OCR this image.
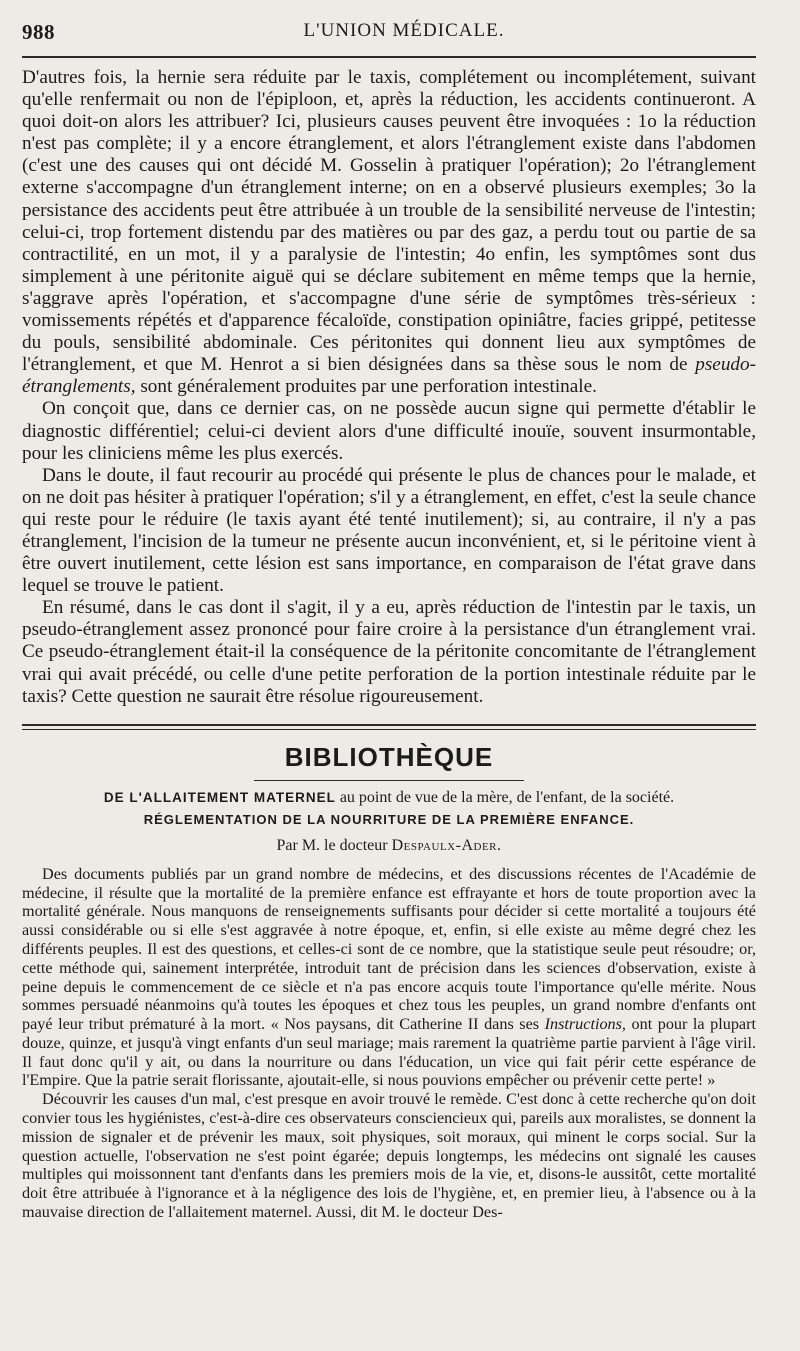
988	L'UNION MÉDICALE.

D'autres fois, la hernie sera réduite par le taxis, complétement ou incomplétement, suivant qu'elle renfermait ou non de l'épiploon, et, après la réduction, les accidents continueront. A quoi doit-on alors les attribuer? Ici, plusieurs causes peuvent être invoquées : 1o la réduction n'est pas complète; il y a encore étranglement, et alors l'étranglement existe dans l'abdomen (c'est une des causes qui ont décidé M. Gosselin à pratiquer l'opération); 2o l'étranglement externe s'accompagne d'un étranglement interne; on en a observé plusieurs exemples; 3o la persistance des accidents peut être attribuée à un trouble de la sensibilité nerveuse de l'intestin; celui-ci, trop fortement distendu par des matières ou par des gaz, a perdu tout ou partie de sa contractilité, en un mot, il y a paralysie de l'intestin; 4o enfin, les symptômes sont dus simplement à une péritonite aiguë qui se déclare subitement en même temps que la hernie, s'aggrave après l'opération, et s'accompagne d'une série de symptômes très-sérieux : vomissements répétés et d'apparence fécaloïde, constipation opiniâtre, facies grippé, petitesse du pouls, sensibilité abdominale. Ces péritonites qui donnent lieu aux symptômes de l'étranglement, et que M. Henrot a si bien désignées dans sa thèse sous le nom de pseudo-étranglements, sont généralement produites par une perforation intestinale.

On conçoit que, dans ce dernier cas, on ne possède aucun signe qui permette d'établir le diagnostic différentiel; celui-ci devient alors d'une difficulté inouïe, souvent insurmontable, pour les cliniciens même les plus exercés.

Dans le doute, il faut recourir au procédé qui présente le plus de chances pour le malade, et on ne doit pas hésiter à pratiquer l'opération; s'il y a étranglement, en effet, c'est la seule chance qui reste pour le réduire (le taxis ayant été tenté inutilement); si, au contraire, il n'y a pas étranglement, l'incision de la tumeur ne présente aucun inconvénient, et, si le péritoine vient à être ouvert inutilement, cette lésion est sans importance, en comparaison de l'état grave dans lequel se trouve le patient.

En résumé, dans le cas dont il s'agit, il y a eu, après réduction de l'intestin par le taxis, un pseudo-étranglement assez prononcé pour faire croire à la persistance d'un étranglement vrai. Ce pseudo-étranglement était-il la conséquence de la péritonite concomitante de l'étranglement vrai qui avait précédé, ou celle d'une petite perforation de la portion intestinale réduite par le taxis? Cette question ne saurait être résolue rigoureusement.

BIBLIOTHÈQUE
DE L'ALLAITEMENT MATERNEL au point de vue de la mère, de l'enfant, de la société.
RÉGLEMENTATION DE LA NOURRITURE DE LA PREMIÈRE ENFANCE.
Par M. le docteur Despaulx-Ader.

Des documents publiés par un grand nombre de médecins, et des discussions récentes de l'Académie de médecine, il résulte que la mortalité de la première enfance est effrayante et hors de toute proportion avec la mortalité générale. Nous manquons de renseignements suffisants pour décider si cette mortalité a toujours été aussi considérable ou si elle s'est aggravée à notre époque, et, enfin, si elle existe au même degré chez les différents peuples. Il est des questions, et celles-ci sont de ce nombre, que la statistique seule peut résoudre; or, cette méthode qui, sainement interprétée, introduit tant de précision dans les sciences d'observation, existe à peine depuis le commencement de ce siècle et n'a pas encore acquis toute l'importance qu'elle mérite. Nous sommes persuadé néanmoins qu'à toutes les époques et chez tous les peuples, un grand nombre d'enfants ont payé leur tribut prématuré à la mort. « Nos paysans, dit Catherine II dans ses Instructions, ont pour la plupart douze, quinze, et jusqu'à vingt enfants d'un seul mariage; mais rarement la quatrième partie parvient à l'âge viril. Il faut donc qu'il y ait, ou dans la nourriture ou dans l'éducation, un vice qui fait périr cette espérance de l'Empire. Que la patrie serait florissante, ajoutait-elle, si nous pouvions empêcher ou prévenir cette perte! »

Découvrir les causes d'un mal, c'est presque en avoir trouvé le remède. C'est donc à cette recherche qu'on doit convier tous les hygiénistes, c'est-à-dire ces observateurs consciencieux qui, pareils aux moralistes, se donnent la mission de signaler et de prévenir les maux, soit physiques, soit moraux, qui minent le corps social. Sur la question actuelle, l'observation ne s'est point égarée; depuis longtemps, les médecins ont signalé les causes multiples qui moissonnent tant d'enfants dans les premiers mois de la vie, et, disons-le aussitôt, cette mortalité doit être attribuée à l'ignorance et à la négligence des lois de l'hygiène, et, en premier lieu, à l'absence ou à la mauvaise direction de l'allaitement maternel. Aussi, dit M. le docteur Des-
